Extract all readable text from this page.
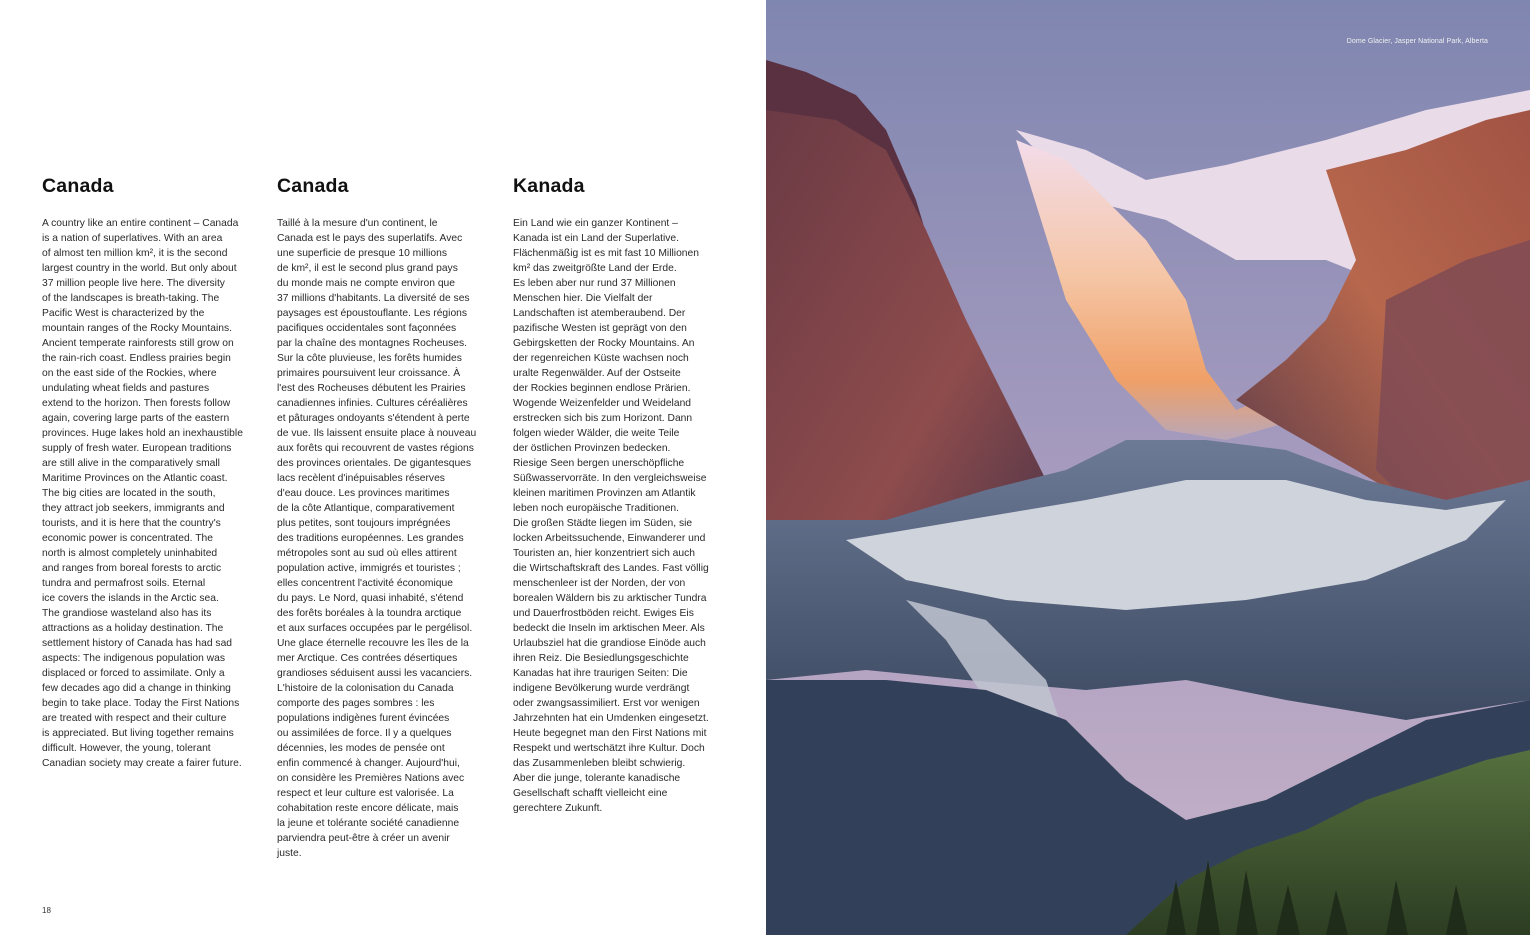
Canada
A country like an entire continent – Canada
is a nation of superlatives. With an area
of almost ten million km², it is the second
largest country in the world. But only about
37 million people live here. The diversity
of the landscapes is breath-taking. The
Pacific West is characterized by the
mountain ranges of the Rocky Mountains.
Ancient temperate rainforests still grow on
the rain-rich coast. Endless prairies begin
on the east side of the Rockies, where
undulating wheat fields and pastures
extend to the horizon. Then forests follow
again, covering large parts of the eastern
provinces. Huge lakes hold an inexhaustible
supply of fresh water. European traditions
are still alive in the comparatively small
Maritime Provinces on the Atlantic coast.
The big cities are located in the south,
they attract job seekers, immigrants and
tourists, and it is here that the country's
economic power is concentrated. The
north is almost completely uninhabited
and ranges from boreal forests to arctic
tundra and permafrost soils. Eternal
ice covers the islands in the Arctic sea.
The grandiose wasteland also has its
attractions as a holiday destination. The
settlement history of Canada has had sad
aspects: The indigenous population was
displaced or forced to assimilate. Only a
few decades ago did a change in thinking
begin to take place. Today the First Nations
are treated with respect and their culture
is appreciated. But living together remains
difficult. However, the young, tolerant
Canadian society may create a fairer future.
Canada
Taillé à la mesure d'un continent, le
Canada est le pays des superlatifs. Avec
une superficie de presque 10 millions
de km², il est le second plus grand pays
du monde mais ne compte environ que
37 millions d'habitants. La diversité de ses
paysages est époustouflante. Les régions
pacifiques occidentales sont façonnées
par la chaîne des montagnes Rocheuses.
Sur la côte pluvieuse, les forêts humides
primaires poursuivent leur croissance. À
l'est des Rocheuses débutent les Prairies
canadiennes infinies. Cultures céréalières
et pâturages ondoyants s'étendent à perte
de vue. Ils laissent ensuite place à nouveau
aux forêts qui recouvrent de vastes régions
des provinces orientales. De gigantesques
lacs recèlent d'inépuisables réserves
d'eau douce. Les provinces maritimes
de la côte Atlantique, comparativement
plus petites, sont toujours imprégnées
des traditions européennes. Les grandes
métropoles sont au sud où elles attirent
population active, immigrés et touristes ;
elles concentrent l'activité économique
du pays. Le Nord, quasi inhabité, s'étend
des forêts boréales à la toundra arctique
et aux surfaces occupées par le pergélisol.
Une glace éternelle recouvre les îles de la
mer Arctique. Ces contrées désertiques
grandioses séduisent aussi les vacanciers.
L'histoire de la colonisation du Canada
comporte des pages sombres : les
populations indigènes furent évincées
ou assimilées de force. Il y a quelques
décennies, les modes de pensée ont
enfin commencé à changer. Aujourd'hui,
on considère les Premières Nations avec
respect et leur culture est valorisée. La
cohabitation reste encore délicate, mais
la jeune et tolérante société canadienne
parviendra peut-être à créer un avenir
juste.
Kanada
Ein Land wie ein ganzer Kontinent –
Kanada ist ein Land der Superlative.
Flächenmäßig ist es mit fast 10 Millionen
km² das zweitgrößte Land der Erde.
Es leben aber nur rund 37 Millionen
Menschen hier. Die Vielfalt der
Landschaften ist atemberaubend. Der
pazifische Westen ist geprägt von den
Gebirgsketten der Rocky Mountains. An
der regenreichen Küste wachsen noch
uralte Regenwälder. Auf der Ostseite
der Rockies beginnen endlose Prärien.
Wogende Weizenfelder und Weideland
erstrecken sich bis zum Horizont. Dann
folgen wieder Wälder, die weite Teile
der östlichen Provinzen bedecken.
Riesige Seen bergen unerschöpfliche
Süßwasservorräte. In den vergleichsweise
kleinen maritimen Provinzen am Atlantik
leben noch europäische Traditionen.
Die großen Städte liegen im Süden, sie
locken Arbeitssuchende, Einwanderer und
Touristen an, hier konzentriert sich auch
die Wirtschaftskraft des Landes. Fast völlig
menschenleer ist der Norden, der von
borealen Wäldern bis zu arktischer Tundra
und Dauerfrostböden reicht. Ewiges Eis
bedeckt die Inseln im arktischen Meer. Als
Urlaubsziel hat die grandiose Einöde auch
ihren Reiz. Die Besiedlungsgeschichte
Kanadas hat ihre traurigen Seiten: Die
indigene Bevölkerung wurde verdrängt
oder zwangsassimiliert. Erst vor wenigen
Jahrzehnten hat ein Umdenken eingesetzt.
Heute begegnet man den First Nations mit
Respekt und wertschätzt ihre Kultur. Doch
das Zusammenleben bleibt schwierig.
Aber die junge, tolerante kanadische
Gesellschaft schafft vielleicht eine
gerechtere Zukunft.
18
Dome Glacier, Jasper National Park, Alberta
